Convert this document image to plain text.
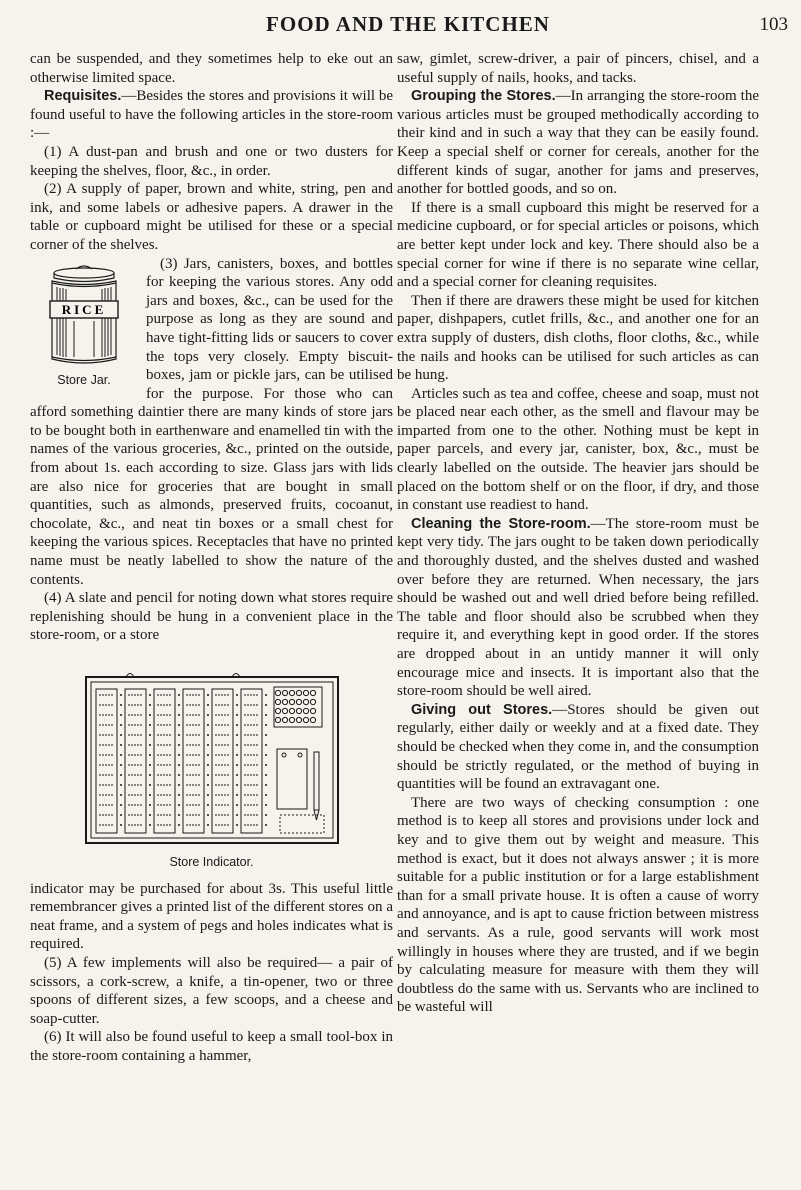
FOOD AND THE KITCHEN	103

can be suspended, and they sometimes help to eke out an otherwise limited space.

Requisites.—Besides the stores and provisions it will be found useful to have the following articles in the store-room :—

(1) A dust-pan and brush and one or two dusters for keeping the shelves, floor, &c., in order.

(2) A supply of paper, brown and white, string, pen and ink, and some labels or adhesive papers. A drawer in the table or cupboard might be utilised for these or a special corner of the shelves.

RICE
Store Jar.

(3) Jars, canisters, boxes, and bottles for keeping the various stores. Any odd jars and boxes, &c., can be used for the purpose as long as they are sound and have tight-fitting lids or saucers to cover the tops very closely. Empty biscuit-boxes, jam or pickle jars, can be utilised for the purpose. For those who can afford something daintier there are many kinds of store jars to be bought both in earthenware and enamelled tin with the names of the various groceries, &c., printed on the outside, from about 1s. each according to size. Glass jars with lids are also nice for groceries that are bought in small quantities, such as almonds, preserved fruits, cocoanut, chocolate, &c., and neat tin boxes or a small chest for keeping the various spices. Receptacles that have no printed name must be neatly labelled to show the nature of the contents.

(4) A slate and pencil for noting down what stores require replenishing should be hung in a convenient place in the store-room, or a store

Store Indicator.

indicator may be purchased for about 3s. This useful little remembrancer gives a printed list of the different stores on a neat frame, and a system of pegs and holes indicates what is required.

(5) A few implements will also be required— a pair of scissors, a cork-screw, a knife, a tin-opener, two or three spoons of different sizes, a few scoops, and a cheese and soap-cutter.

(6) It will also be found useful to keep a small tool-box in the store-room containing a hammer,

saw, gimlet, screw-driver, a pair of pincers, chisel, and a useful supply of nails, hooks, and tacks.

Grouping the Stores.—In arranging the store-room the various articles must be grouped methodically according to their kind and in such a way that they can be easily found. Keep a special shelf or corner for cereals, another for the different kinds of sugar, another for jams and preserves, another for bottled goods, and so on.

If there is a small cupboard this might be reserved for a medicine cupboard, or for special articles or poisons, which are better kept under lock and key. There should also be a special corner for wine if there is no separate wine cellar, and a special corner for cleaning requisites.

Then if there are drawers these might be used for kitchen paper, dishpapers, cutlet frills, &c., and another one for an extra supply of dusters, dish cloths, floor cloths, &c., while the nails and hooks can be utilised for such articles as can be hung.

Articles such as tea and coffee, cheese and soap, must not be placed near each other, as the smell and flavour may be imparted from one to the other. Nothing must be kept in paper parcels, and every jar, canister, box, &c., must be clearly labelled on the outside. The heavier jars should be placed on the bottom shelf or on the floor, if dry, and those in constant use readiest to hand.

Cleaning the Store-room.—The store-room must be kept very tidy. The jars ought to be taken down periodically and thoroughly dusted, and the shelves dusted and washed over before they are returned. When necessary, the jars should be washed out and well dried before being refilled. The table and floor should also be scrubbed when they require it, and everything kept in good order. If the stores are dropped about in an untidy manner it will only encourage mice and insects. It is important also that the store-room should be well aired.

Giving out Stores.—Stores should be given out regularly, either daily or weekly and at a fixed date. They should be checked when they come in, and the consumption should be strictly regulated, or the method of buying in quantities will be found an extravagant one.

There are two ways of checking consumption : one method is to keep all stores and provisions under lock and key and to give them out by weight and measure. This method is exact, but it does not always answer ; it is more suitable for a public institution or for a large establishment than for a small private house. It is often a cause of worry and annoyance, and is apt to cause friction between mistress and servants. As a rule, good servants will work most willingly in houses where they are trusted, and if we begin by calculating measure for measure with them they will doubtless do the same with us. Servants who are inclined to be wasteful will
